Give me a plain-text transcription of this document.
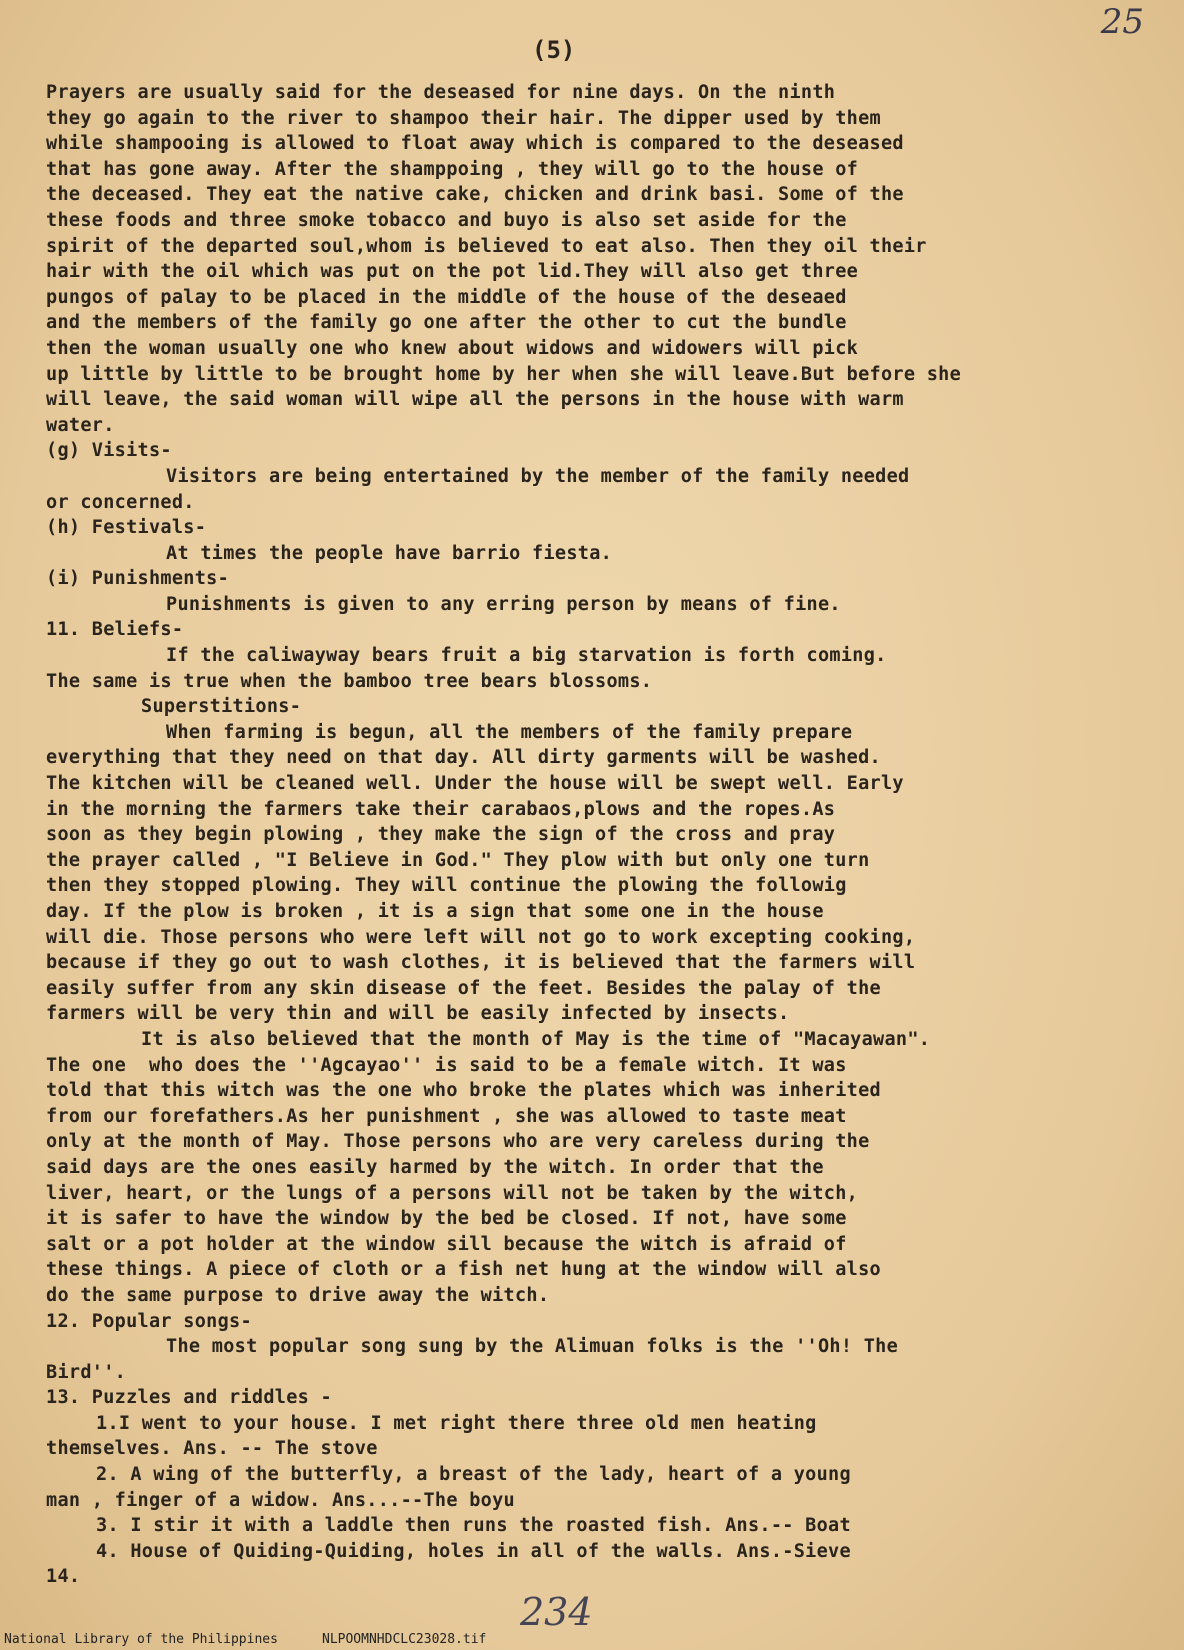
25
(5)
Prayers are usually said for the deseased for nine days. On the ninth
they go again to the river to shampoo their hair. The dipper used by them
while shampooing is allowed to float away which is compared to the deseased
that has gone away. After the shamppoing , they will go to the house of
the deceased. They eat the native cake, chicken and drink basi. Some of the
these foods and three smoke tobacco and buyo is also set aside for the
spirit of the departed soul,whom is believed to eat also. Then they oil their
hair with the oil which was put on the pot lid.They will also get three
pungos of palay to be placed in the middle of the house of the deseaed
and the members of the family go one after the other to cut the bundle
then the woman usually one who knew about widows and widowers will pick
up little by little to be brought home by her when she will leave.But before she
will leave, the said woman will wipe all the persons in the house with warm
water.
(g) Visits-
Visitors are being entertained by the member of the family needed
or concerned.
(h) Festivals-
At times the people have barrio fiesta.
(i) Punishments-
Punishments is given to any erring person by means of fine.
11. Beliefs-
If the caliwayway bears fruit a big starvation is forth coming.
The same is true when the bamboo tree bears blossoms.
Superstitions-
When farming is begun, all the members of the family prepare
everything that they need on that day. All dirty garments will be washed.
The kitchen will be cleaned well. Under the house will be swept well. Early
in the morning the farmers take their carabaos,plows and the ropes.As
soon as they begin plowing , they make the sign of the cross and pray
the prayer called , "I Believe in God." They plow with but only one turn
then they stopped plowing. They will continue the plowing the followig
day. If the plow is broken , it is a sign that some one in the house
will die. Those persons who were left will not go to work excepting cooking,
because if they go out to wash clothes, it is believed that the farmers will
easily suffer from any skin disease of the feet. Besides the palay of the
farmers will be very thin and will be easily infected by insects.
It is also believed that the month of May is the time of "Macayawan".
The one  who does the ''Agcayao'' is said to be a female witch. It was
told that this witch was the one who broke the plates which was inherited
from our forefathers.As her punishment , she was allowed to taste meat
only at the month of May. Those persons who are very careless during the
said days are the ones easily harmed by the witch. In order that the
liver, heart, or the lungs of a persons will not be taken by the witch,
it is safer to have the window by the bed be closed. If not, have some
salt or a pot holder at the window sill because the witch is afraid of
these things. A piece of cloth or a fish net hung at the window will also
do the same purpose to drive away the witch.
12. Popular songs-
The most popular song sung by the Alimuan folks is the ''Oh! The
Bird''.
13. Puzzles and riddles -
1.I went to your house. I met right there three old men heating
themselves. Ans. -- The stove
2. A wing of the butterfly, a breast of the lady, heart of a young
man , finger of a widow. Ans...--The boyu
3. I stir it with a laddle then runs the roasted fish. Ans.-- Boat
4. House of Quiding-Quiding, holes in all of the walls. Ans.-Sieve
14.
234
National Library of the Philippines	NLPOOMNHDCLC23028.tif
